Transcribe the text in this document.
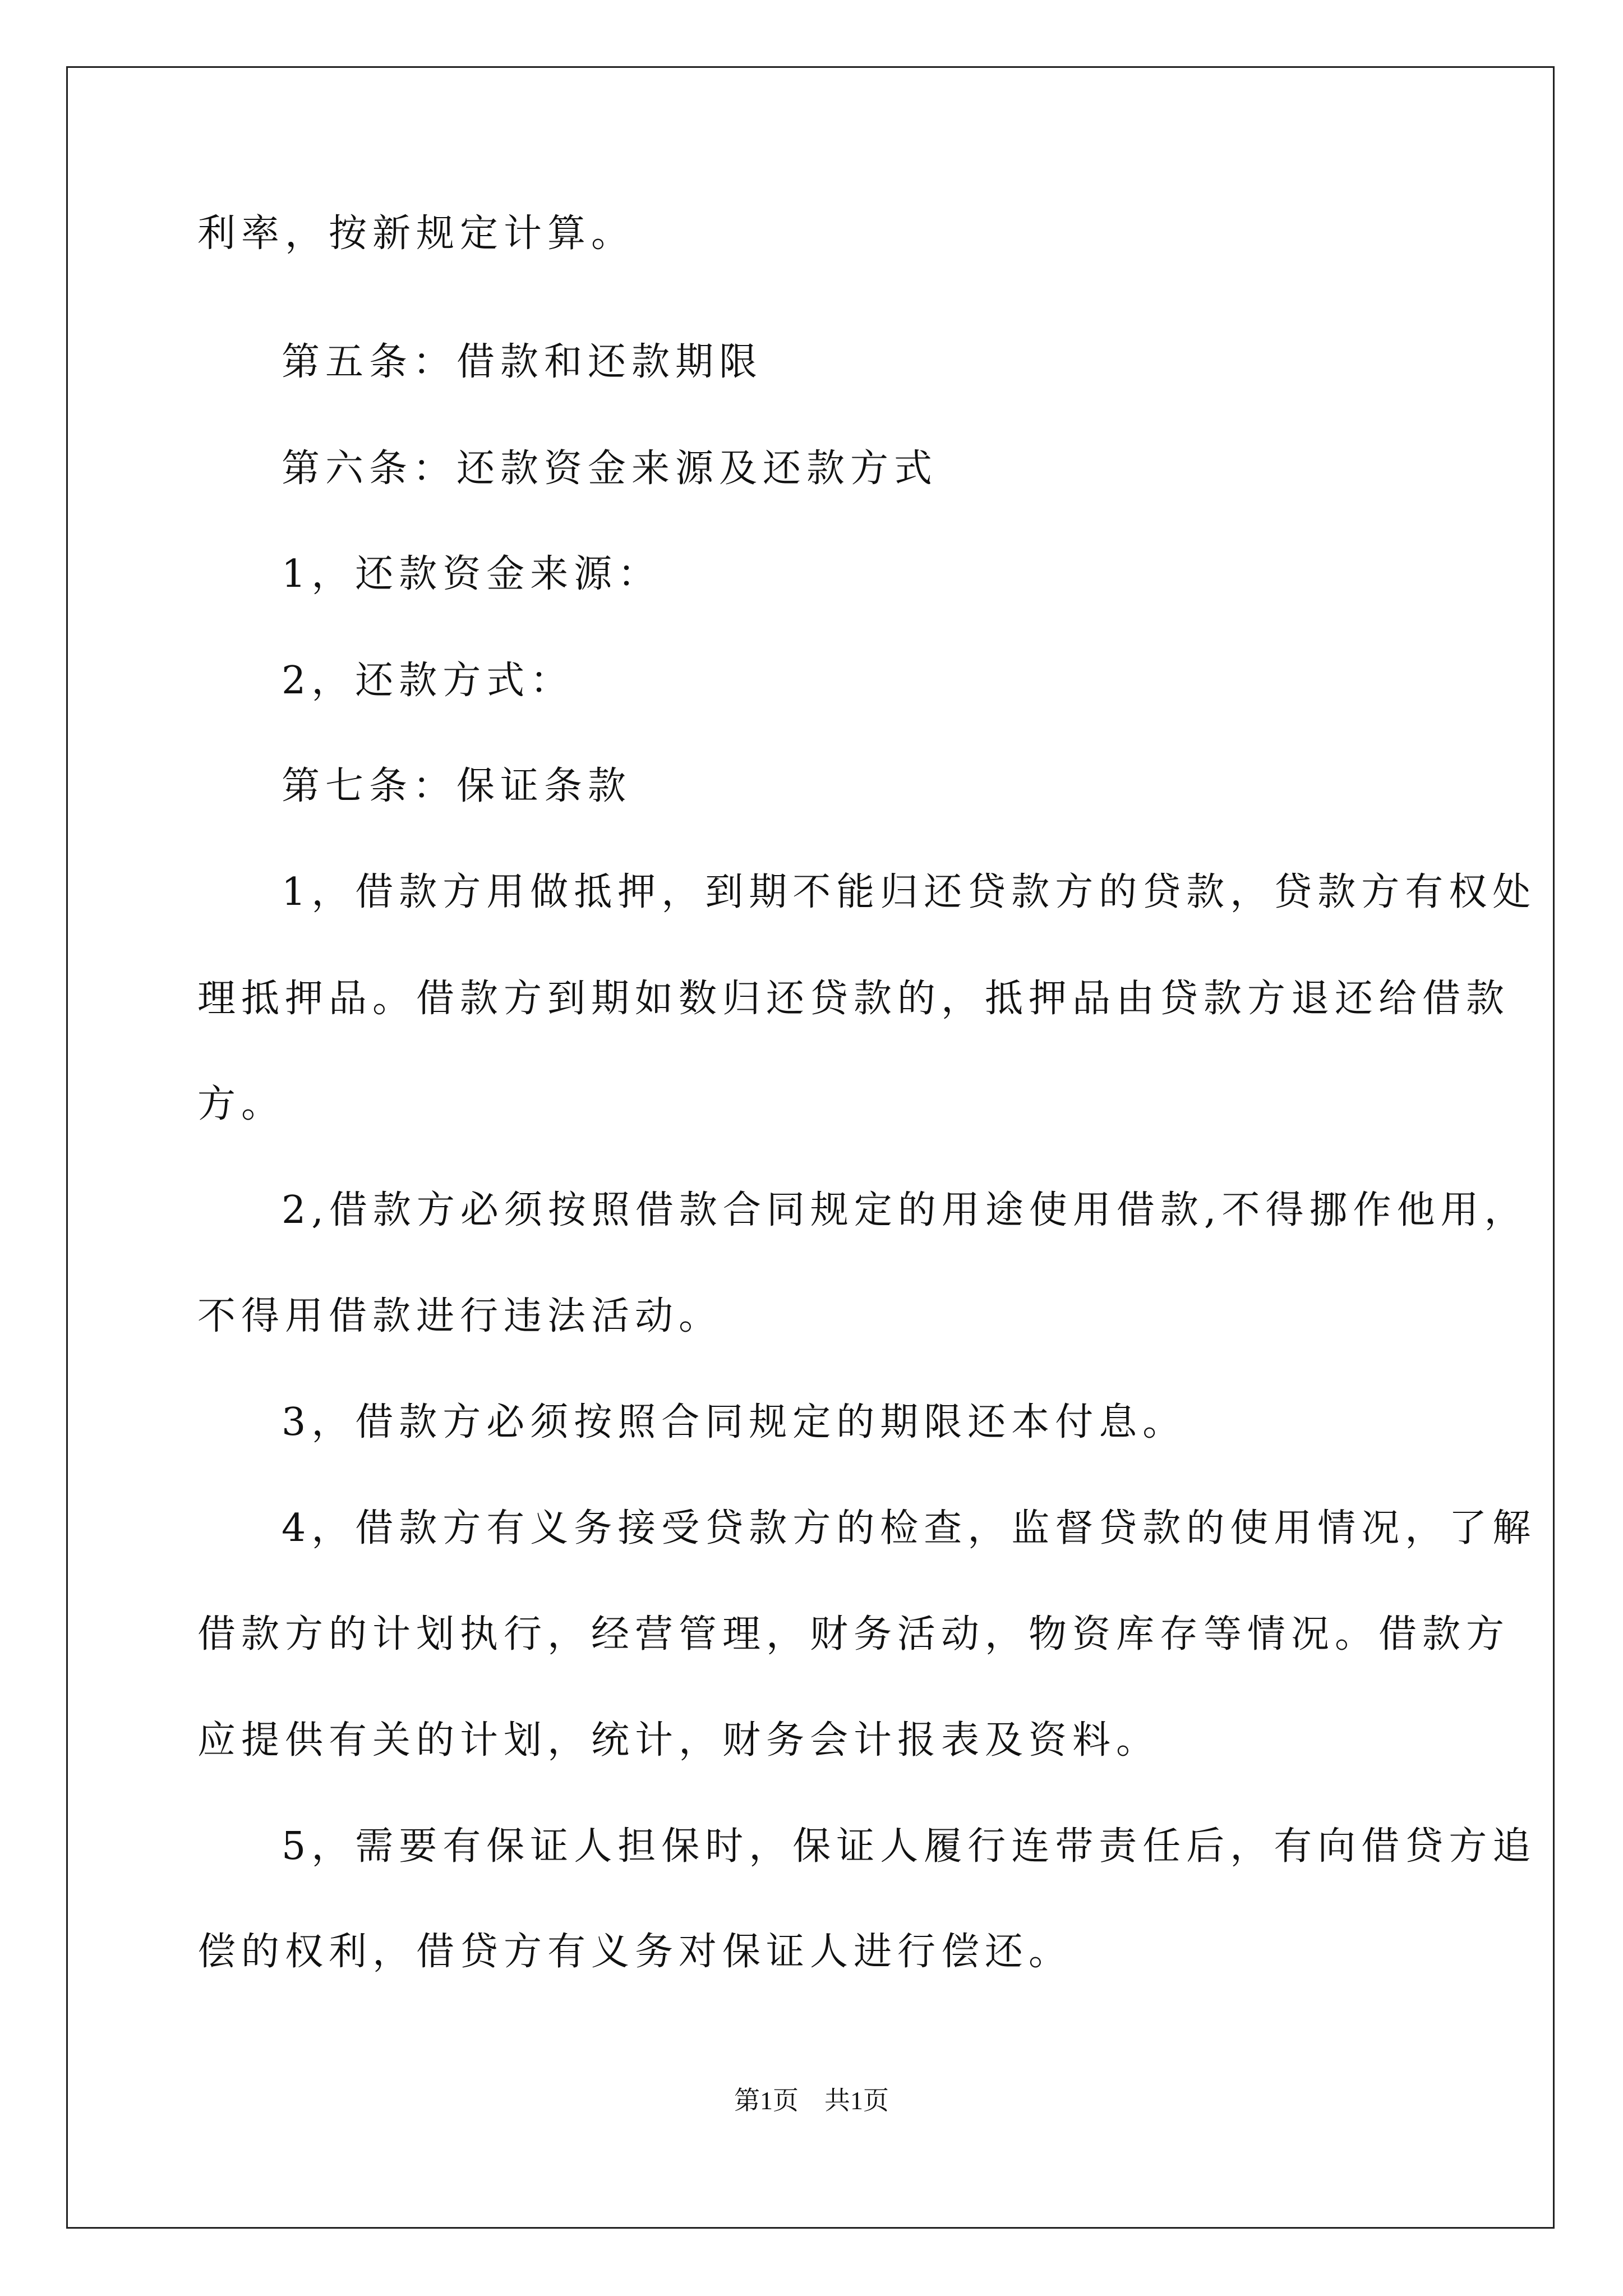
利率，按新规定计算。
第五条：借款和还款期限
第六条：还款资金来源及还款方式
1，还款资金来源：
2，还款方式：
第七条：保证条款
1，借款方用做抵押，到期不能归还贷款方的贷款，贷款方有权处
理抵押品。借款方到期如数归还贷款的，抵押品由贷款方退还给借款
方。
2,借款方必须按照借款合同规定的用途使用借款,不得挪作他用，
不得用借款进行违法活动。
3，借款方必须按照合同规定的期限还本付息。
4，借款方有义务接受贷款方的检查，监督贷款的使用情况，了解
借款方的计划执行，经营管理，财务活动，物资库存等情况。借款方
应提供有关的计划，统计，财务会计报表及资料。
5，需要有保证人担保时，保证人履行连带责任后，有向借贷方追
偿的权利，借贷方有义务对保证人进行偿还。
第1页　共1页
